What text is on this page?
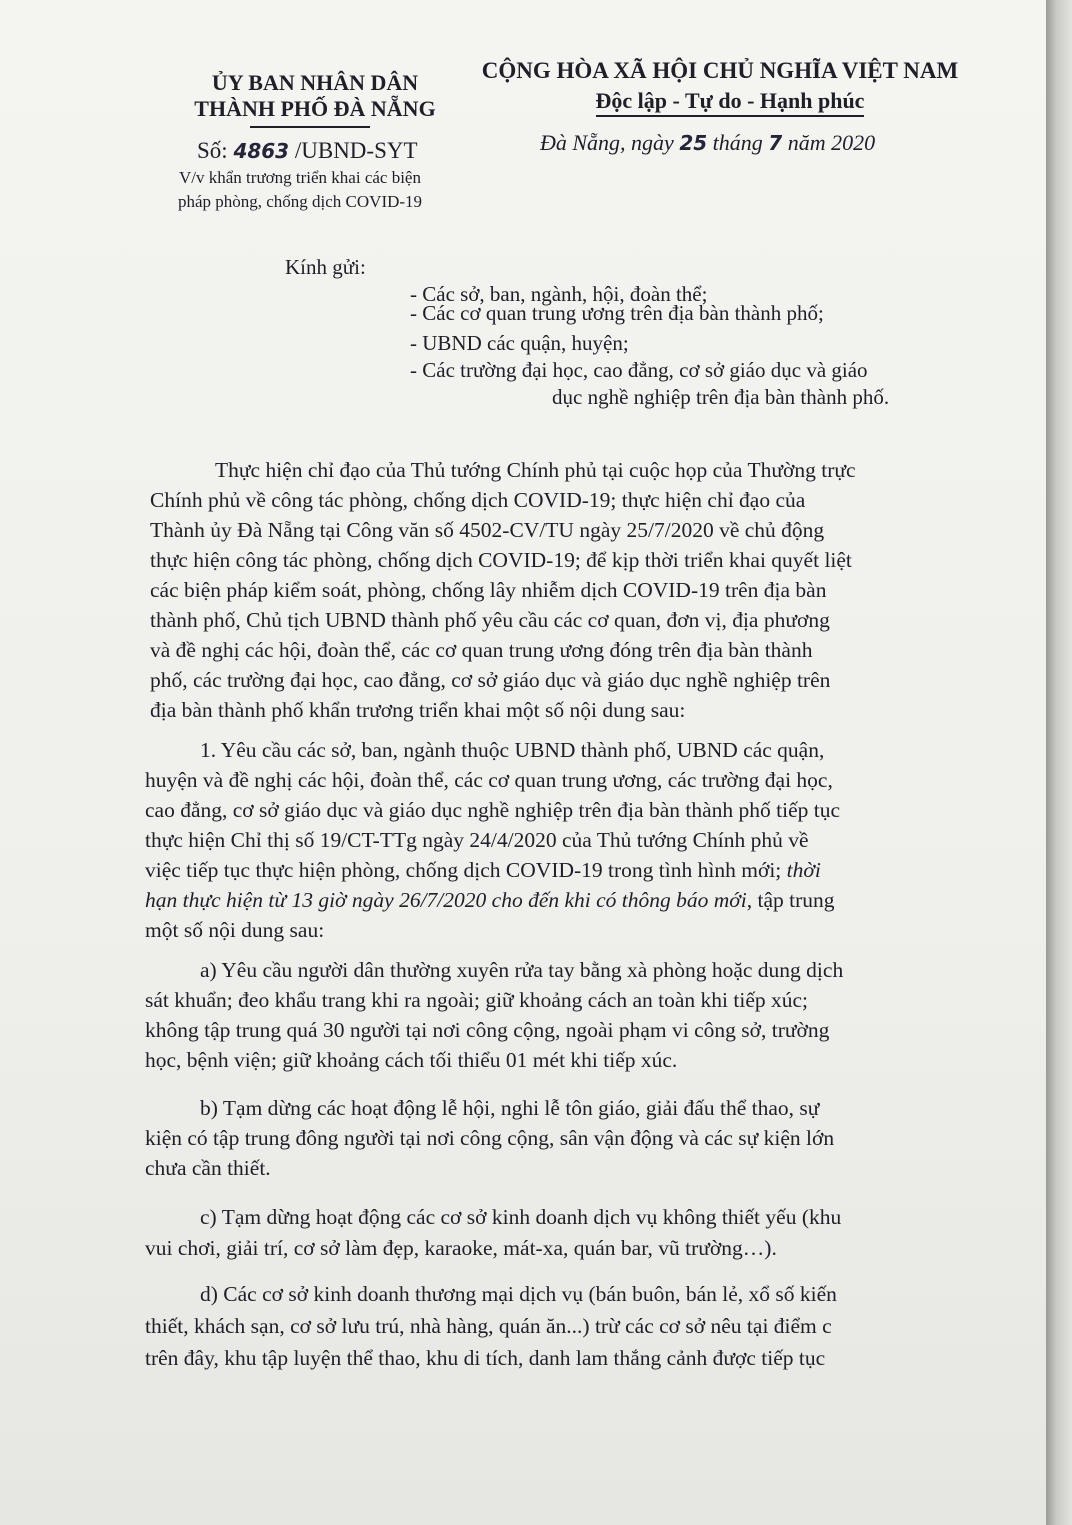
ỦY BAN NHÂN DÂN
THÀNH PHỐ ĐÀ NẴNG
Số: 4863 /UBND-SYT
V/v khẩn trương triển khai các biện
pháp phòng, chống dịch COVID-19
CỘNG HÒA XÃ HỘI CHỦ NGHĨA VIỆT NAM
Độc lập - Tự do - Hạnh phúc
Đà Nẵng, ngày 25 tháng 7 năm 2020
Kính gửi:
- Các sở, ban, ngành, hội, đoàn thể;
- Các cơ quan trung ương trên địa bàn thành phố;
- UBND các quận, huyện;
- Các trường đại học, cao đẳng, cơ sở giáo dục và giáo
dục nghề nghiệp trên địa bàn thành phố.
Thực hiện chỉ đạo của Thủ tướng Chính phủ tại cuộc họp của Thường trực
Chính phủ về công tác phòng, chống dịch COVID-19; thực hiện chỉ đạo của
Thành ủy Đà Nẵng tại Công văn số 4502-CV/TU ngày 25/7/2020 về chủ động
thực hiện công tác phòng, chống dịch COVID-19; để kịp thời triển khai quyết liệt
các biện pháp kiểm soát, phòng, chống lây nhiễm dịch COVID-19 trên địa bàn
thành phố, Chủ tịch UBND thành phố yêu cầu các cơ quan, đơn vị, địa phương
và đề nghị các hội, đoàn thể, các cơ quan trung ương đóng trên địa bàn thành
phố, các trường đại học, cao đẳng, cơ sở giáo dục và giáo dục nghề nghiệp trên
địa bàn thành phố khẩn trương triển khai một số nội dung sau:
1. Yêu cầu các sở, ban, ngành thuộc UBND thành phố, UBND các quận,
huyện và đề nghị các hội, đoàn thể, các cơ quan trung ương, các trường đại học,
cao đẳng, cơ sở giáo dục và giáo dục nghề nghiệp trên địa bàn thành phố tiếp tục
thực hiện Chỉ thị số 19/CT-TTg ngày 24/4/2020 của Thủ tướng Chính phủ về
việc tiếp tục thực hiện phòng, chống dịch COVID-19 trong tình hình mới; thời
hạn thực hiện từ 13 giờ ngày 26/7/2020 cho đến khi có thông báo mới, tập trung
một số nội dung sau:
a) Yêu cầu người dân thường xuyên rửa tay bằng xà phòng hoặc dung dịch
sát khuẩn; đeo khẩu trang khi ra ngoài; giữ khoảng cách an toàn khi tiếp xúc;
không tập trung quá 30 người tại nơi công cộng, ngoài phạm vi công sở, trường
học, bệnh viện; giữ khoảng cách tối thiểu 01 mét khi tiếp xúc.
b) Tạm dừng các hoạt động lễ hội, nghi lễ tôn giáo, giải đấu thể thao, sự
kiện có tập trung đông người tại nơi công cộng, sân vận động và các sự kiện lớn
chưa cần thiết.
c) Tạm dừng hoạt động các cơ sở kinh doanh dịch vụ không thiết yếu (khu
vui chơi, giải trí, cơ sở làm đẹp, karaoke, mát-xa, quán bar, vũ trường…).
d) Các cơ sở kinh doanh thương mại dịch vụ (bán buôn, bán lẻ, xổ số kiến
thiết, khách sạn, cơ sở lưu trú, nhà hàng, quán ăn...) trừ các cơ sở nêu tại điểm c
trên đây, khu tập luyện thể thao, khu di tích, danh lam thắng cảnh được tiếp tục
